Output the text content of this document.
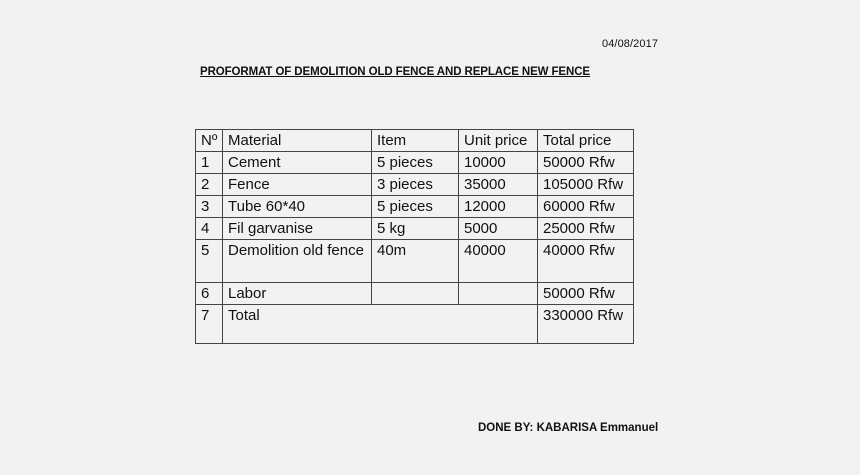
04/08/2017
PROFORMAT OF DEMOLITION OLD FENCE AND REPLACE NEW FENCE
Nº	Material	Item	Unit price	Total price
1	Cement	5 pieces	10000	50000 Rfw
2	Fence	3 pieces	35000	105000 Rfw
3	Tube 60*40	5 pieces	12000	60000 Rfw
4	Fil garvanise	5 kg	5000	25000 Rfw
5	Demolition old fence	40m	40000	40000 Rfw
6	Labor			50000 Rfw
7	Total			330000 Rfw
DONE BY: KABARISA Emmanuel
